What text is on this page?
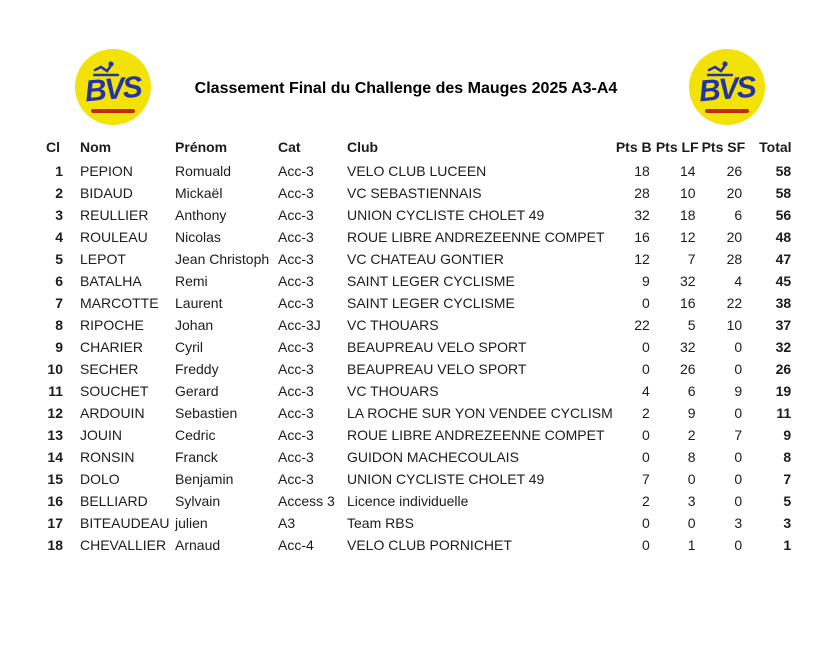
BVS	Classement Final du Challenge des Mauges 2025 A3-A4	BVS
Cl	Nom	Prénom	Cat	Club	Pts B	Pts LF	Pts SF	Total
1	PEPION	Romuald	Acc-3	VELO CLUB LUCEEN	18	14	26	58
2	BIDAUD	Mickaël	Acc-3	VC SEBASTIENNAIS	28	10	20	58
3	REULLIER	Anthony	Acc-3	UNION CYCLISTE CHOLET 49	32	18	6	56
4	ROULEAU	Nicolas	Acc-3	ROUE LIBRE ANDREZEENNE COMPET	16	12	20	48
5	LEPOT	Jean Christoph	Acc-3	VC CHATEAU GONTIER	12	7	28	47
6	BATALHA	Remi	Acc-3	SAINT LEGER CYCLISME	9	32	4	45
7	MARCOTTE	Laurent	Acc-3	SAINT LEGER CYCLISME	0	16	22	38
8	RIPOCHE	Johan	Acc-3J	VC THOUARS	22	5	10	37
9	CHARIER	Cyril	Acc-3	BEAUPREAU VELO SPORT	0	32	0	32
10	SECHER	Freddy	Acc-3	BEAUPREAU VELO SPORT	0	26	0	26
11	SOUCHET	Gerard	Acc-3	VC THOUARS	4	6	9	19
12	ARDOUIN	Sebastien	Acc-3	LA ROCHE SUR YON VENDEE CYCLISM	2	9	0	11
13	JOUIN	Cedric	Acc-3	ROUE LIBRE ANDREZEENNE COMPET	0	2	7	9
14	RONSIN	Franck	Acc-3	GUIDON MACHECOULAIS	0	8	0	8
15	DOLO	Benjamin	Acc-3	UNION CYCLISTE CHOLET 49	7	0	0	7
16	BELLIARD	Sylvain	Access 3	Licence individuelle	2	3	0	5
17	BITEAUDEAU	julien	A3	Team RBS	0	0	3	3
18	CHEVALLIER	Arnaud	Acc-4	VELO CLUB PORNICHET	0	1	0	1
